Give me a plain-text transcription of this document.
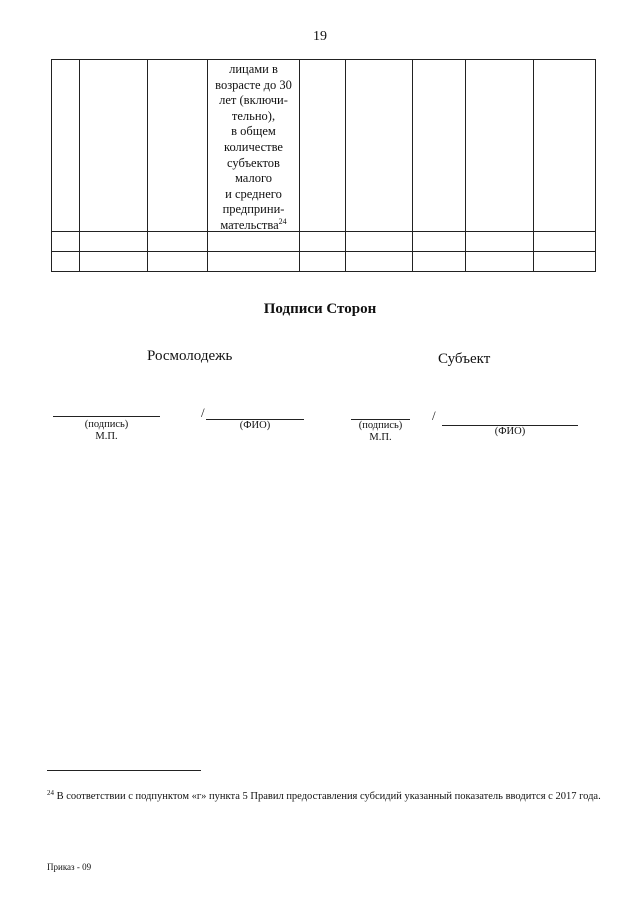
19
лицами в
возрасте до 30
лет (включи-
тельно),
в общем
количестве
субъектов
малого
и среднего
предприни-
мательства$^{24}$
Подписи Сторон
Росмолодежь	Субъект
(подпись)
М.П.
/
(ФИО)	(подпись)
М.П.
/
(ФИО)
$^{24}$ В соответствии с подпунктом «г» пункта 5 Правил предоставления субсидий указанный показатель вводится с 2017 года.
Приказ - 09
